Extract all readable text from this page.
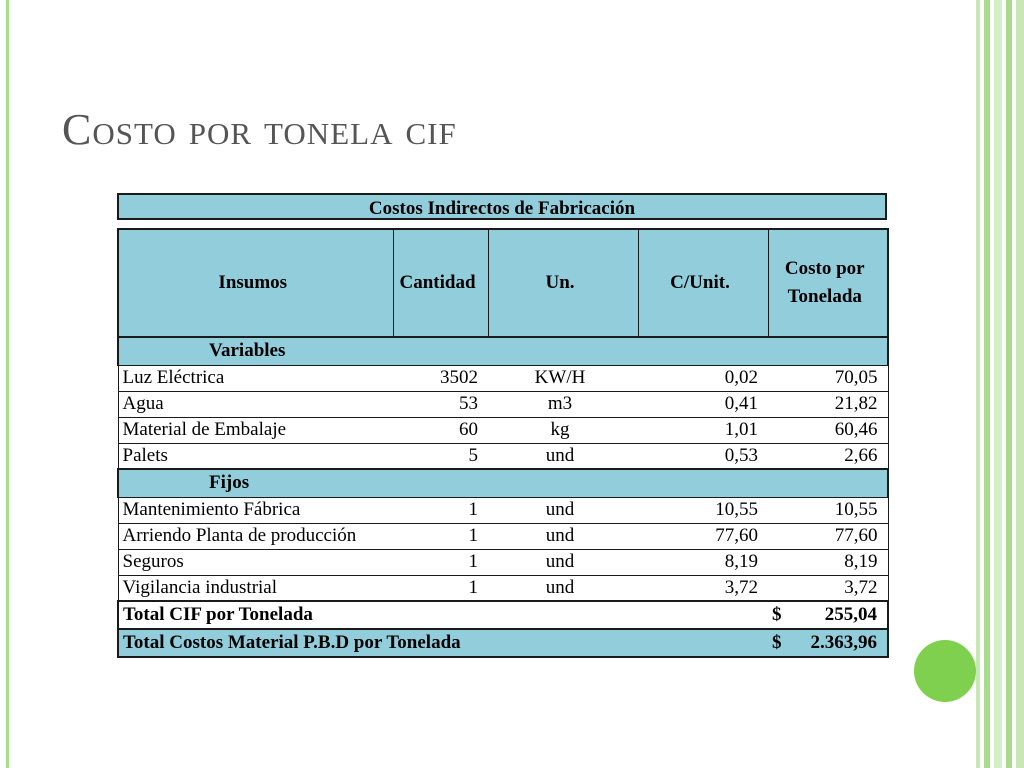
Costo por tonela cif
Costos Indirectos de Fabricación
Insumos	Cantidad	Un.	C/Unit.	Costo por Tonelada
Variables				
Luz Eléctrica	3502	KW/H	0,02	70,05
Agua	53	m3	0,41	21,82
Material de Embalaje	60	kg	1,01	60,46
Palets	5	und	0,53	2,66
Fijos				
Mantenimiento Fábrica	1	und	10,55	10,55
Arriendo Planta de producción	1	und	77,60	77,60
Seguros	1	und	8,19	8,19
Vigilancia industrial	1	und	3,72	3,72
Total CIF por Tonelada				$ 255,04

Total Costos Material P.B.D por Tonelada				$ 2.363,96
